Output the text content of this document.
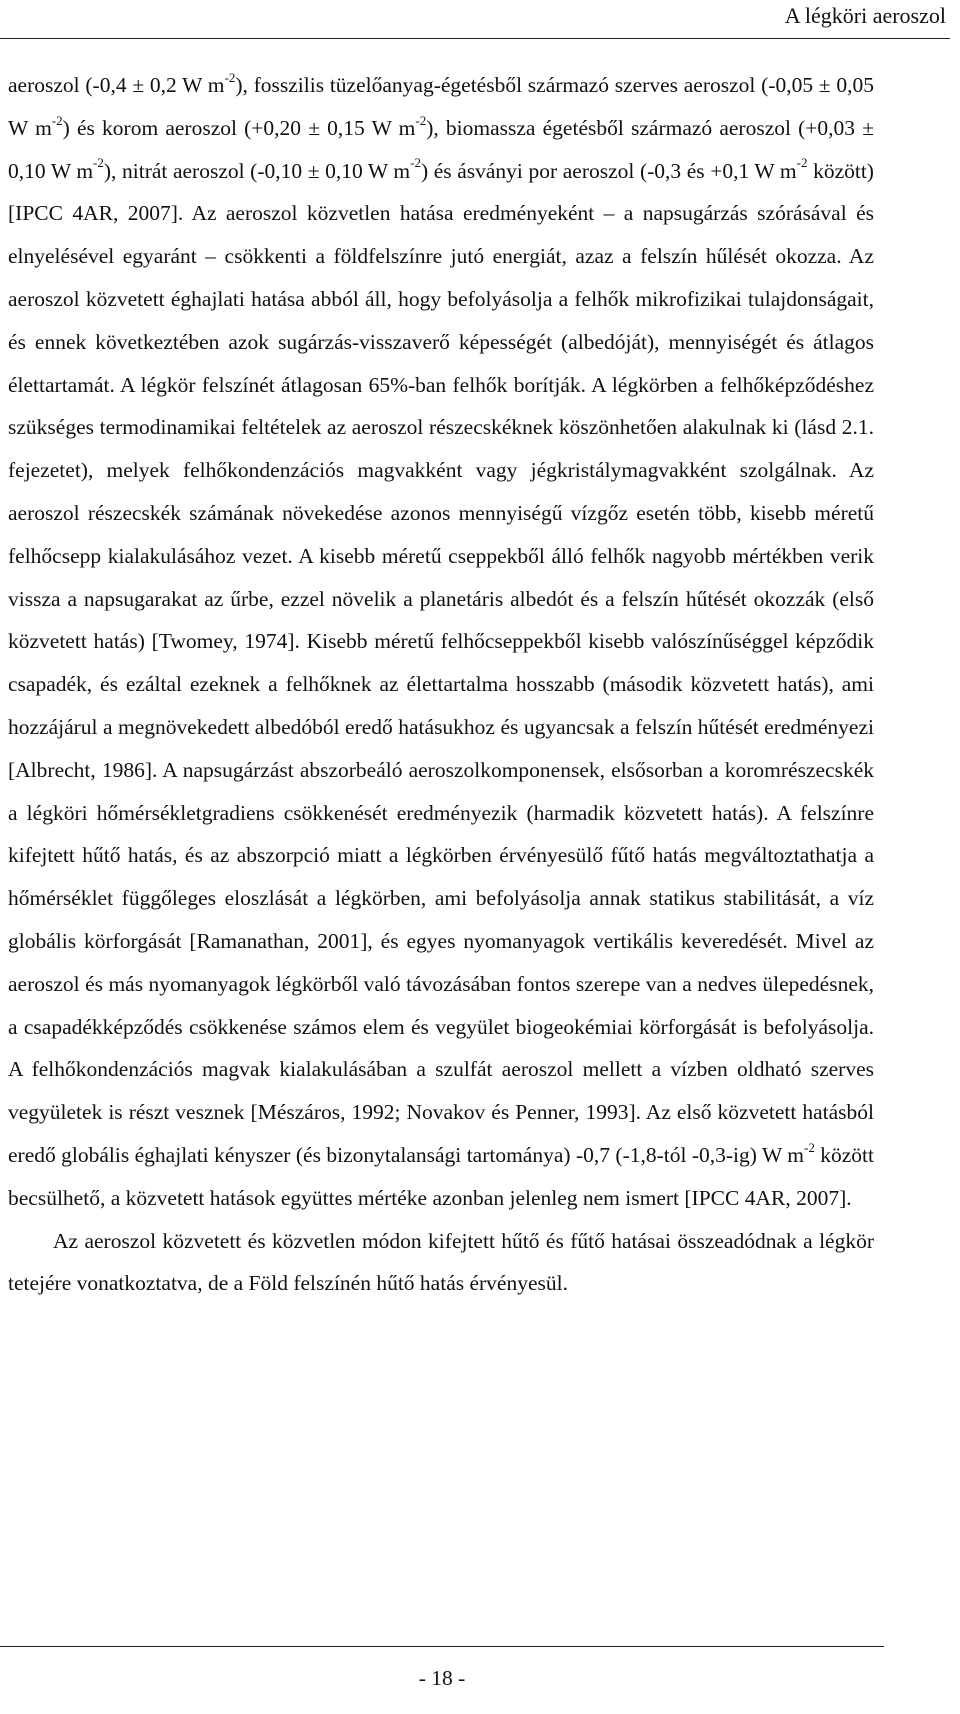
A légköri aeroszol

aeroszol (-0,4 ± 0,2 W $m^{-2}$), fosszilis tüzelőanyag-égetésből származó szerves aeroszol (-0,05 ± 0,05 W $m^{-2}$) és korom aeroszol (+0,20 ± 0,15 W $m^{-2}$), biomassza égetésből származó aeroszol (+0,03 ± 0,10 W $m^{-2}$), nitrát aeroszol (-0,10 ± 0,10 W $m^{-2}$) és ásványi por aeroszol (-0,3 és +0,1 W $m^{-2}$ között) [IPCC 4AR, 2007]. Az aeroszol közvetlen hatása eredményeként – a napsugárzás szórásával és elnyelésével egyaránt – csökkenti a földfelszínre jutó energiát, azaz a felszín hűlését okozza. Az aeroszol közvetett éghajlati hatása abból áll, hogy befolyásolja a felhők mikrofizikai tulajdonságait, és ennek következtében azok sugárzás-visszaverő képességét (albedóját), mennyiségét és átlagos élettartamát. A légkör felszínét átlagosan 65%-ban felhők borítják. A légkörben a felhőképződéshez szükséges termodinamikai feltételek az aeroszol részecskéknek köszönhetően alakulnak ki (lásd 2.1. fejezetet), melyek felhőkondenzációs magvakként vagy jégkristálymagvakként szolgálnak. Az aeroszol részecskék számának növekedése azonos mennyiségű vízgőz esetén több, kisebb méretű felhőcsepp kialakulásához vezet. A kisebb méretű cseppekből álló felhők nagyobb mértékben verik vissza a napsugarakat az űrbe, ezzel növelik a planetáris albedót és a felszín hűtését okozzák (első közvetett hatás) [Twomey, 1974]. Kisebb méretű felhőcseppekből kisebb valószínűséggel képződik csapadék, és ezáltal ezeknek a felhőknek az élettartalma hosszabb (második közvetett hatás), ami hozzájárul a megnövekedett albedóból eredő hatásukhoz és ugyancsak a felszín hűtését eredményezi [Albrecht, 1986]. A napsugárzást abszorbeáló aeroszolkomponensek, elsősorban a koromrészecskék a légköri hőmérsékletgradiens csökkenését eredményezik (harmadik közvetett hatás). A felszínre kifejtett hűtő hatás, és az abszorpció miatt a légkörben érvényesülő fűtő hatás megváltoztathatja a hőmérséklet függőleges eloszlását a légkörben, ami befolyásolja annak statikus stabilitását, a víz globális körforgását [Ramanathan, 2001], és egyes nyomanyagok vertikális keveredését. Mivel az aeroszol és más nyomanyagok légkörből való távozásában fontos szerepe van a nedves ülepedésnek, a csapadékképződés csökkenése számos elem és vegyület biogeokémiai körforgását is befolyásolja. A felhőkondenzációs magvak kialakulásában a szulfát aeroszol mellett a vízben oldható szerves vegyületek is részt vesznek [Mészáros, 1992; Novakov és Penner, 1993]. Az első közvetett hatásból eredő globális éghajlati kényszer (és bizonytalansági tartománya) -0,7 (-1,8-tól -0,3-ig) W $m^{-2}$ között becsülhető, a közvetett hatások együttes mértéke azonban jelenleg nem ismert [IPCC 4AR, 2007].

Az aeroszol közvetett és közvetlen módon kifejtett hűtő és fűtő hatásai összeadódnak a légkör tetejére vonatkoztatva, de a Föld felszínén hűtő hatás érvényesül.

- 18 -
